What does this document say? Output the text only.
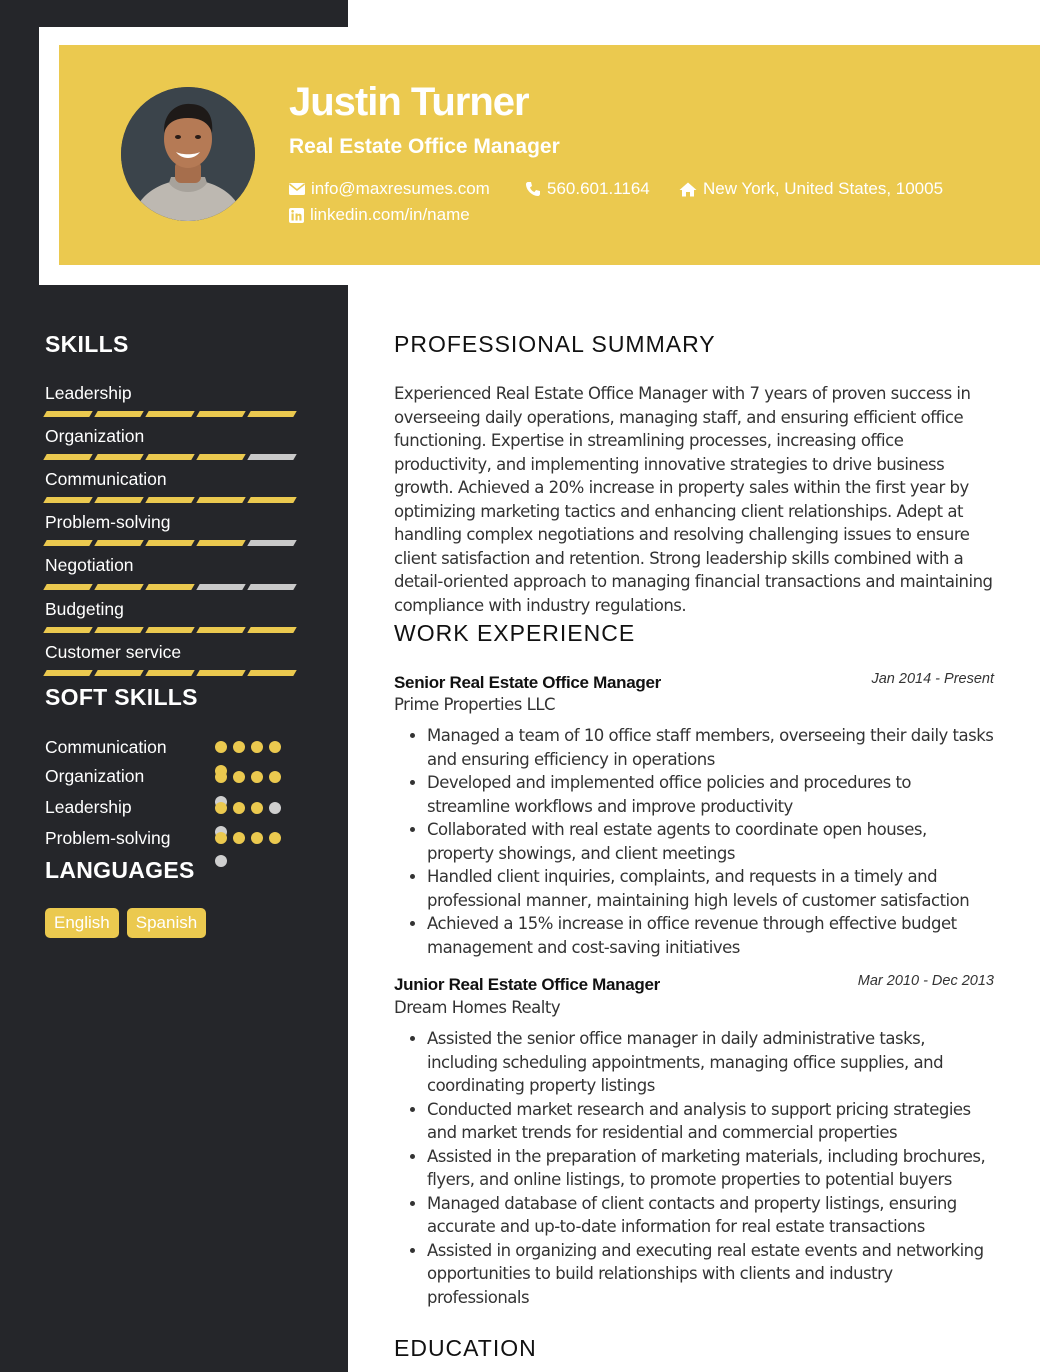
Justin Turner
Real Estate Office Manager
info@maxresumes.com	560.601.1164	New York, United States, 10005
linkedin.com/in/name
SKILLS
Leadership
Organization
Communication
Problem-solving
Negotiation
Budgeting
Customer service
SOFT SKILLS
Communication
Organization
Leadership
Problem-solving
LANGUAGES
English	Spanish
PROFESSIONAL SUMMARY

Experienced Real Estate Office Manager with 7 years of proven success in overseeing daily operations, managing staff, and ensuring efficient office functioning. Expertise in streamlining processes, increasing office productivity, and implementing innovative strategies to drive business growth. Achieved a 20% increase in property sales within the first year by optimizing marketing tactics and enhancing client relationships. Adept at handling complex negotiations and resolving challenging issues to ensure client satisfaction and retention. Strong leadership skills combined with a detail-oriented approach to managing financial transactions and maintaining compliance with industry regulations.

WORK EXPERIENCE
Senior Real Estate Office Manager	Jan 2014 - Present
Prime Properties LLC
• Managed a team of 10 office staff members, overseeing their daily tasks and ensuring efficiency in operations
• Developed and implemented office policies and procedures to streamline workflows and improve productivity
• Collaborated with real estate agents to coordinate open houses, property showings, and client meetings
• Handled client inquiries, complaints, and requests in a timely and professional manner, maintaining high levels of customer satisfaction
• Achieved a 15% increase in office revenue through effective budget management and cost-saving initiatives
Junior Real Estate Office Manager	Mar 2010 - Dec 2013
Dream Homes Realty
• Assisted the senior office manager in daily administrative tasks, including scheduling appointments, managing office supplies, and coordinating property listings
• Conducted market research and analysis to support pricing strategies and market trends for residential and commercial properties
• Assisted in the preparation of marketing materials, including brochures, flyers, and online listings, to promote properties to potential buyers
• Managed database of client contacts and property listings, ensuring accurate and up-to-date information for real estate transactions
• Assisted in organizing and executing real estate events and networking opportunities to build relationships with clients and industry professionals
EDUCATION
